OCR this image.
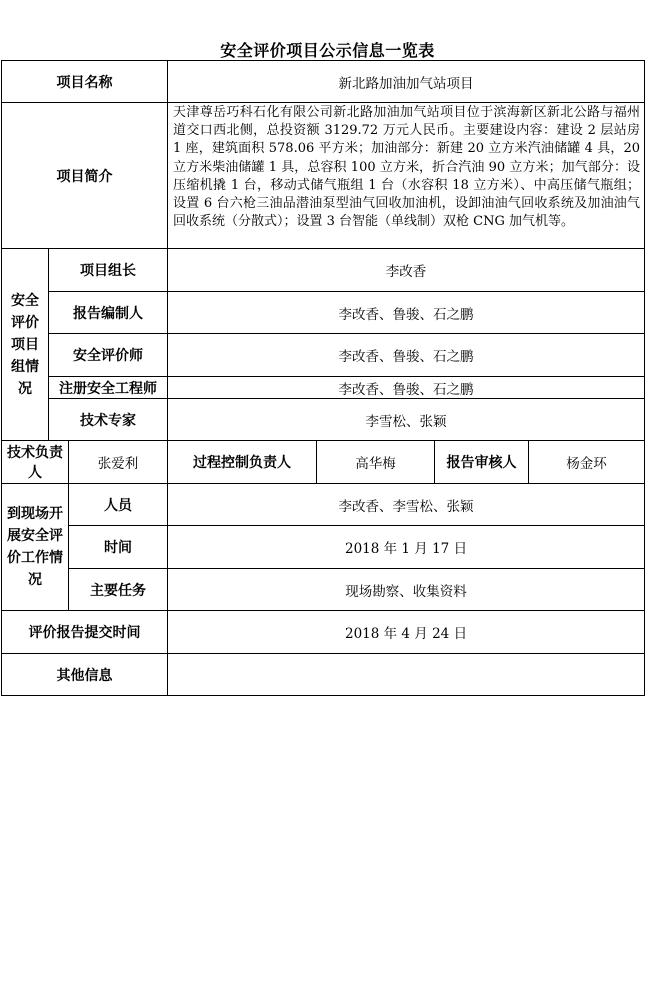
安全评价项目公示信息一览表
项目名称			新北路加油加气站项目			
项目简介			天津尊岳巧科石化有限公司新北路加油加气站项目位于滨海新区新北公路与福州道交口西北侧，总投资额 3129.72 万元人民币。主要建设内容：建设 2 层站房 1 座，建筑面积 578.06 平方米；加油部分：新建 20 立方米汽油储罐 4 具，20 立方米柴油储罐 1 具，总容积 100 立方米，折合汽油 90 立方米；加气部分：设压缩机撬 1 台，移动式储气瓶组 1 台（水容积 18 立方米）、中高压储气瓶组；设置 6 台六枪三油品潜油泵型油气回收加油机，设卸油油气回收系统及加油油气回收系统（分散式）；设置 3 台智能（单线制）双枪 CNG 加气机等。			

安全评价项目组情况	项目组长		李改香			
	报告编制人		李改香、鲁骏、石之鹏			
	安全评价师		李改香、鲁骏、石之鹏			
	注册安全工程师		李改香、鲁骏、石之鹏			
	技术专家		李雪松、张颖			
技术负责人		张爱利	过程控制负责人	高华梅	报告审核人	杨金环

到现场开展安全评价工作情况		人员	李改香、李雪松、张颖			
		时间	2018 年 1 月 17 日			
		主要任务	现场勘察、收集资料			
评价报告提交时间			2018 年 4 月 24 日			
其他信息						
